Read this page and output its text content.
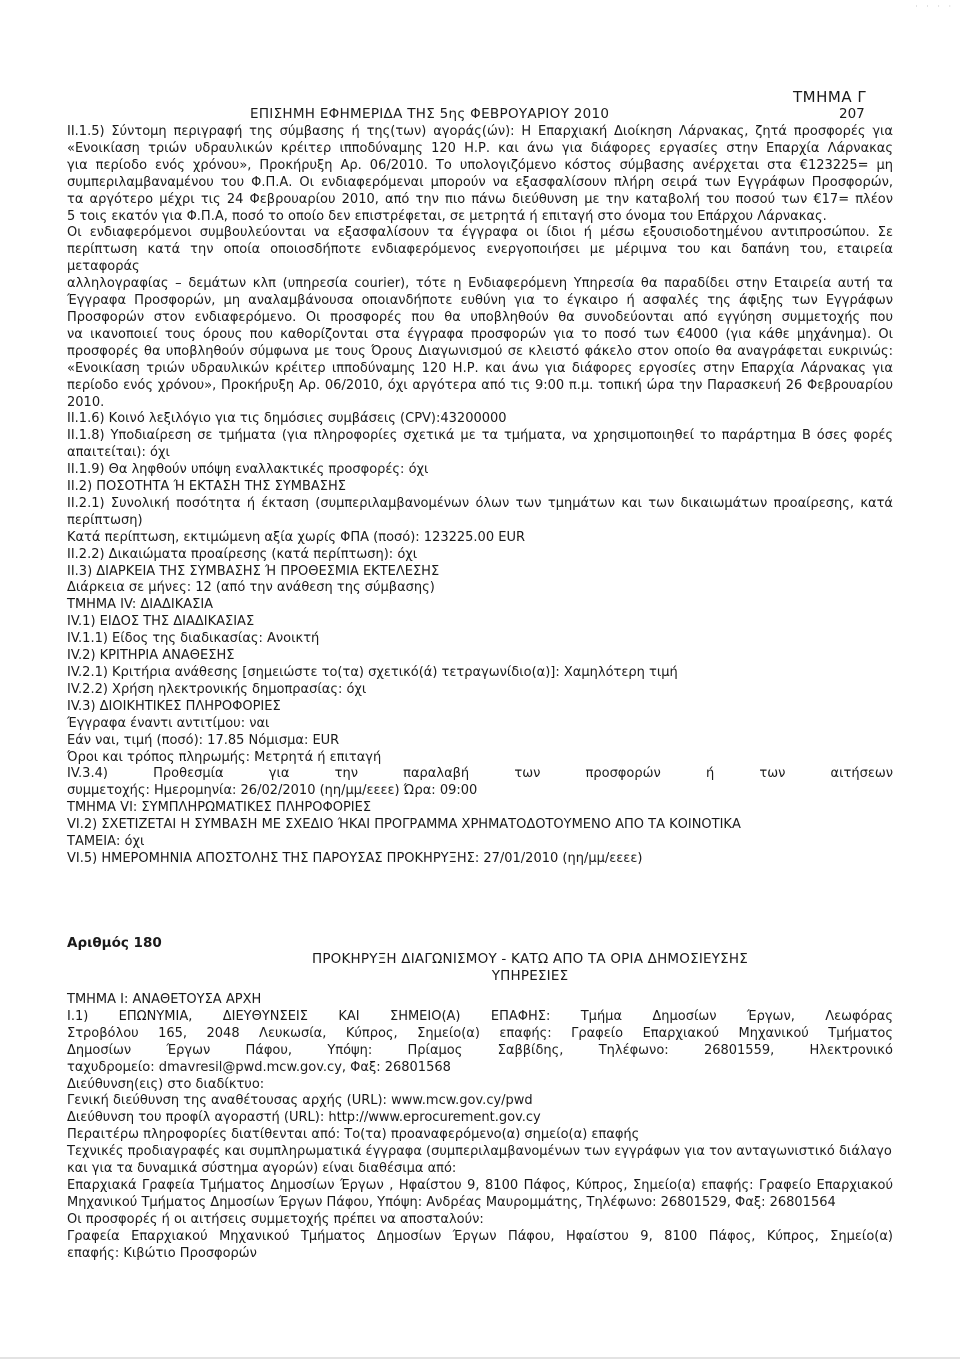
· · · ·
ΤΜΗΜΑ Γ
ΕΠΙΣΗΜΗ ΕΦΗΜΕΡΙΔΑ ΤΗΣ 5ης ΦΕΒΡΟΥΑΡΙΟΥ 2010	207

II.1.5) Σύντομη περιγραφή της σύμβασης ή της(των) αγοράς(ών): Η Επαρχιακή Διοίκηση Λάρνακας, ζητά προσφορές για

«Ενοικίαση τριών υδραυλικών κρέιτερ ιπποδύναμης 120 Η.Ρ. και άνω για διάφορες εργασίες στην Επαρχία Λάρνακας

για περίοδο ενός χρόνου», Προκήρυξη Αρ. 06/2010. Το υπολογιζόμενο κόστος σύμβασης ανέρχεται στα €123225= μη

συμπεριλαμβαναμένου του Φ.Π.Α. Οι ενδιαφερόμεναι μπορούν να εξασφαλίσουν πλήρη σειρά των Εγγράφων Προσφορών,

τα αργότερο μέχρι τις 24 Φεβρουαρίου 2010, από την πιο πάνω διεύθυνση με την καταβολή του ποσού των €17= πλέον

5 τοις εκατόν για Φ.Π.Α, ποσό το οποίο δεν επιστρέφεται, σε μετρητά ή επιταγή στο όνομα του Επάρχου Λάρνακας.

Οι ενδιαφερόμενοι συμβουλεύονται να εξασφαλίσουν τα έγγραφα οι ίδιοι ή μέσω εξουσιοδοτημένου αντιπροσώπου. Σε

περίπτωση κατά την οποία οποιοσδήποτε ενδιαφερόμενος ενεργοποιήσει με μέριμνα του και δαπάνη του, εταιρεία μεταφοράς

αλληλογραφίας – δεμάτων κλπ (υπηρεσία courier), τότε η Ενδιαφερόμενη Υπηρεσία θα παραδίδει στην Εταιρεία αυτή τα

Έγγραφα Προσφορών, μη αναλαμβάνουσα οποιανδήποτε ευθύνη για το έγκαιρο ή ασφαλές της άφιξης των Εγγράφων

Προσφορών στον ενδιαφερόμενο. Οι προσφορές που θα υποβληθούν θα συνοδεύονται από εγγύηση συμμετοχής που

να ικανοποιεί τους όρους που καθορίζονται στα έγγραφα προσφορών για το ποσό των €4000 (για κάθε μηχάνημα). Οι

προσφορές θα υποβληθούν σύμφωνα με τους Όρους Διαγωνισμού σε κλειστό φάκελο στον οποίο θα αναγράφεται ευκρινώς:

«Ενοικίαση τριών υδραυλικών κρέιτερ ιπποδύναμης 120 Η.Ρ. και άνω για διάφορες εργοσίες στην Επαρχία Λάρνακας για

περίοδο ενός χρόνου», Προκήρυξη Αρ. 06/2010, όχι αργότερα από τις 9:00 π.μ. τοπική ώρα την Παρασκευή 26 Φεβρουαρίου

2010.

II.1.6) Κοινό λεξιλόγιο για τις δημόσιες συμβάσεις (CPV):43200000

II.1.8) Υποδιαίρεση σε τμήματα (για πληροφορίες σχετικά με τα τμήματα, να χρησιμοποιηθεί το παράρτημα Β όσες φορές

απαιτείται): όχι

II.1.9) Θα ληφθούν υπόψη εναλλακτικές προσφορές: όχι

II.2) ΠΟΣΟΤΗΤΑ Ή ΕΚΤΑΣΗ ΤΗΣ ΣΥΜΒΑΣΗΣ

II.2.1) Συνολική ποσότητα ή έκταση (συμπεριλαμβανομένων όλων των τμημάτων και των δικαιωμάτων προαίρεσης, κατά

περίπτωση)

Κατά περίπτωση, εκτιμώμενη αξία χωρίς ΦΠΑ (ποσό): 123225.00 EUR

II.2.2) Δικαιώματα προαίρεσης (κατά περίπτωση): όχι

II.3) ΔΙΑΡΚΕΙΑ ΤΗΣ ΣΥΜΒΑΣΗΣ Ή ΠΡΟΘΕΣΜΙΑ ΕΚΤΕΛΕΣΗΣ

Διάρκεια σε μήνες: 12 (από την ανάθεση της σύμβασης)

ΤΜΗΜΑ IV: ΔΙΑΔΙΚΑΣΙΑ

IV.1) ΕΙΔΟΣ ΤΗΣ ΔΙΑΔΙΚΑΣΙΑΣ

IV.1.1) Είδος της διαδικασίας: Ανοικτή

IV.2) ΚΡΙΤΗΡΙΑ ΑΝΑΘΕΣΗΣ

IV.2.1) Κριτήρια ανάθεσης [σημειώστε το(τα) σχετικό(ά) τετραγωνίδιο(α)]: Χαμηλότερη τιμή

IV.2.2) Χρήση ηλεκτρονικής δημοπρασίας: όχι

IV.3) ΔΙΟΙΚΗΤΙΚΕΣ ΠΛΗΡΟΦΟΡΙΕΣ

Έγγραφα έναντι αντιτίμου: ναι

Εάν ναι, τιμή (ποσό): 17.85 Νόμισμα: EUR

Όροι και τρόπος πληρωμής: Μετρητά ή επιταγή

IV.3.4) Προθεσμία για την παραλαβή των προσφορών ή των αιτήσεων

συμμετοχής: Ημερομηνία: 26/02/2010 (ηη/μμ/εεεε) Ώρα: 09:00

ΤΜΗΜΑ VI: ΣΥΜΠΛΗΡΩΜΑΤΙΚΕΣ ΠΛΗΡΟΦΟΡΙΕΣ

VI.2) ΣΧΕΤΙΖΕΤΑΙ Η ΣΥΜΒΑΣΗ ΜΕ ΣΧΕΔΙΟ ΉΚΑΙ ΠΡΟΓΡΑΜΜΑ ΧΡΗΜΑΤΟΔΟΤΟΥΜΕΝΟ ΑΠΟ ΤΑ ΚΟΙΝΟΤΙΚΑ

ΤΑΜΕΙΑ: όχι

VI.5) ΗΜΕΡΟΜΗΝΙΑ ΑΠΟΣΤΟΛΗΣ ΤΗΣ ΠΑΡΟΥΣΑΣ ΠΡΟΚΗΡΥΞΗΣ: 27/01/2010 (ηη/μμ/εεεε)

Αριθμός 180
ΠΡΟΚΗΡΥΞΗ ΔΙΑΓΩΝΙΣΜΟΥ - ΚΑΤΩ ΑΠΟ ΤΑ ΟΡΙΑ ΔΗΜΟΣΙΕΥΣΗΣ
ΥΠΗΡΕΣΙΕΣ

ΤΜΗΜΑ Ι: ΑΝΑΘΕΤΟΥΣΑ ΑΡΧΗ

I.1) ΕΠΩΝΥΜΙΑ, ΔΙΕΥΘΥΝΣΕΙΣ ΚΑΙ ΣΗΜΕΙΟ(Α) ΕΠΑΦΗΣ: Τμήμα Δημοσίων Έργων, Λεωφόρας

Στροβόλου 165, 2048 Λευκωσία, Κύπρος, Σημείο(α) επαφής: Γραφείο Επαρχιακού Μηχανικού Τμήματος

Δημοσίων Έργων Πάφου, Υπόψη: Πρίαμος Σαββίδης, Τηλέφωνο: 26801559, Ηλεκτρονικό

ταχυδρομείο: dmavresil@pwd.mcw.gov.cy, Φαξ: 26801568

Διεύθυνση(εις) στο διαδίκτυο:

Γενική διεύθυνση της αναθέτουσας αρχής (URL): www.mcw.gov.cy/pwd

Διεύθυνση του προφίλ αγοραστή (URL): http://www.eprocurement.gov.cy

Περαιτέρω πληροφορίες διατίθενται από: Το(τα) προαναφερόμενο(α) σημείο(α) επαφής

Τεχνικές προδιαγραφές και συμπληρωματικά έγγραφα (συμπεριλαμβανομένων των εγγράφων για τον ανταγωνιστικό διάλαγο

και για τα δυναμικά σύστημα αγορών) είναι διαθέσιμα από:

Επαρχιακά Γραφεία Τμήματος Δημοσίων Έργων , Ηφαίστου 9, 8100 Πάφος, Κύπρος, Σημείο(α) επαφής: Γραφείο Επαρχιακού

Μηχανικού Τμήματος Δημοσίων Έργων Πάφου, Υπόψη: Ανδρέας Μαυρομμάτης, Τηλέφωνο: 26801529, Φαξ: 26801564

Οι προσφορές ή οι αιτήσεις συμμετοχής πρέπει να αποσταλούν:

Γραφεία Επαρχιακού Μηχανικού Τμήματος Δημοσίων Έργων Πάφου, Ηφαίστου 9, 8100 Πάφος, Κύπρος, Σημείο(α)

επαφής: Κιβώτιο Προσφορών
